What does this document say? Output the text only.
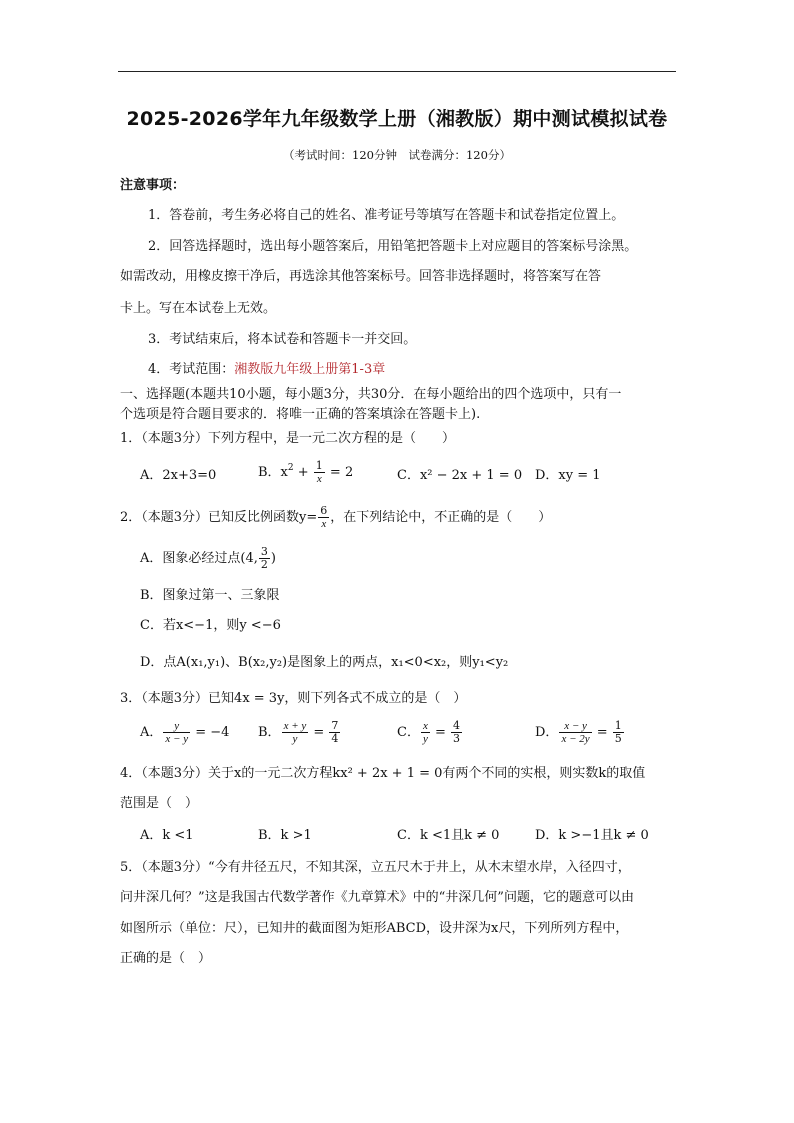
2025-2026学年九年级数学上册（湘教版）期中测试模拟试卷
（考试时间：120分钟　试卷满分：120分）
注意事项：
1．答卷前，考生务必将自己的姓名、准考证号等填写在答题卡和试卷指定位置上。
2．回答选择题时，选出每小题答案后，用铅笔把答题卡上对应题目的答案标号涂黑。
如需改动，用橡皮擦干净后，再选涂其他答案标号。回答非选择题时，将答案写在答
卡上。写在本试卷上无效。
3．考试结束后，将本试卷和答题卡一并交回。
4．考试范围：湘教版九年级上册第1-3章
一、选择题(本题共10小题，每小题3分，共30分．在每小题给出的四个选项中，只有一
个选项是符合题目要求的．将唯一正确的答案填涂在答题卡上).
1．（本题3分）下列方程中，是一元二次方程的是（　　）
A．2x+3=0	B．$x^2 + \frac{1}{x} = 2$	C．x² − 2x + 1 = 0 D．xy = 1
2．（本题3分）已知反比例函数$y= \frac{6}{x}$ ，在下列结论中，不正确的是（　　）
A．图象必经过点(4, $\frac{3}{2}$ )
B．图象过第一、三象限
C．若x<−1，则y <−6
D．点A(x₁,y₁)、B(x₂,y₂)是图象上的两点，x₁<0<x₂，则y₁<y₂
3．（本题3分）已知4x = 3y，则下列各式不成立的是（　）
A． $\frac{y}{x - y} = -4$ B． $\frac{x + y}{y} = \frac{7}{4}$	C． $\frac{x}{y} = \frac{4}{3}$	D． $\frac{x - y}{x - 2y} = \frac{1}{5}$
4．（本题3分）关于x的一元二次方程kx² + 2x + 1 = 0有两个不同的实根，则实数k的取值
范围是（　）
A．k <1	B．k >1	C．k <1且k ≠ 0	D．k >−1且k ≠ 0
5．（本题3分）“今有井径五尺，不知其深，立五尺木于井上，从木末望水岸，入径四寸，
问井深几何？”这是我国古代数学著作《九章算术》中的“井深几何”问题，它的题意可以由
如图所示（单位：尺），已知井的截面图为矩形ABCD，设井深为x尺，下列所列方程中，
正确的是（　）
